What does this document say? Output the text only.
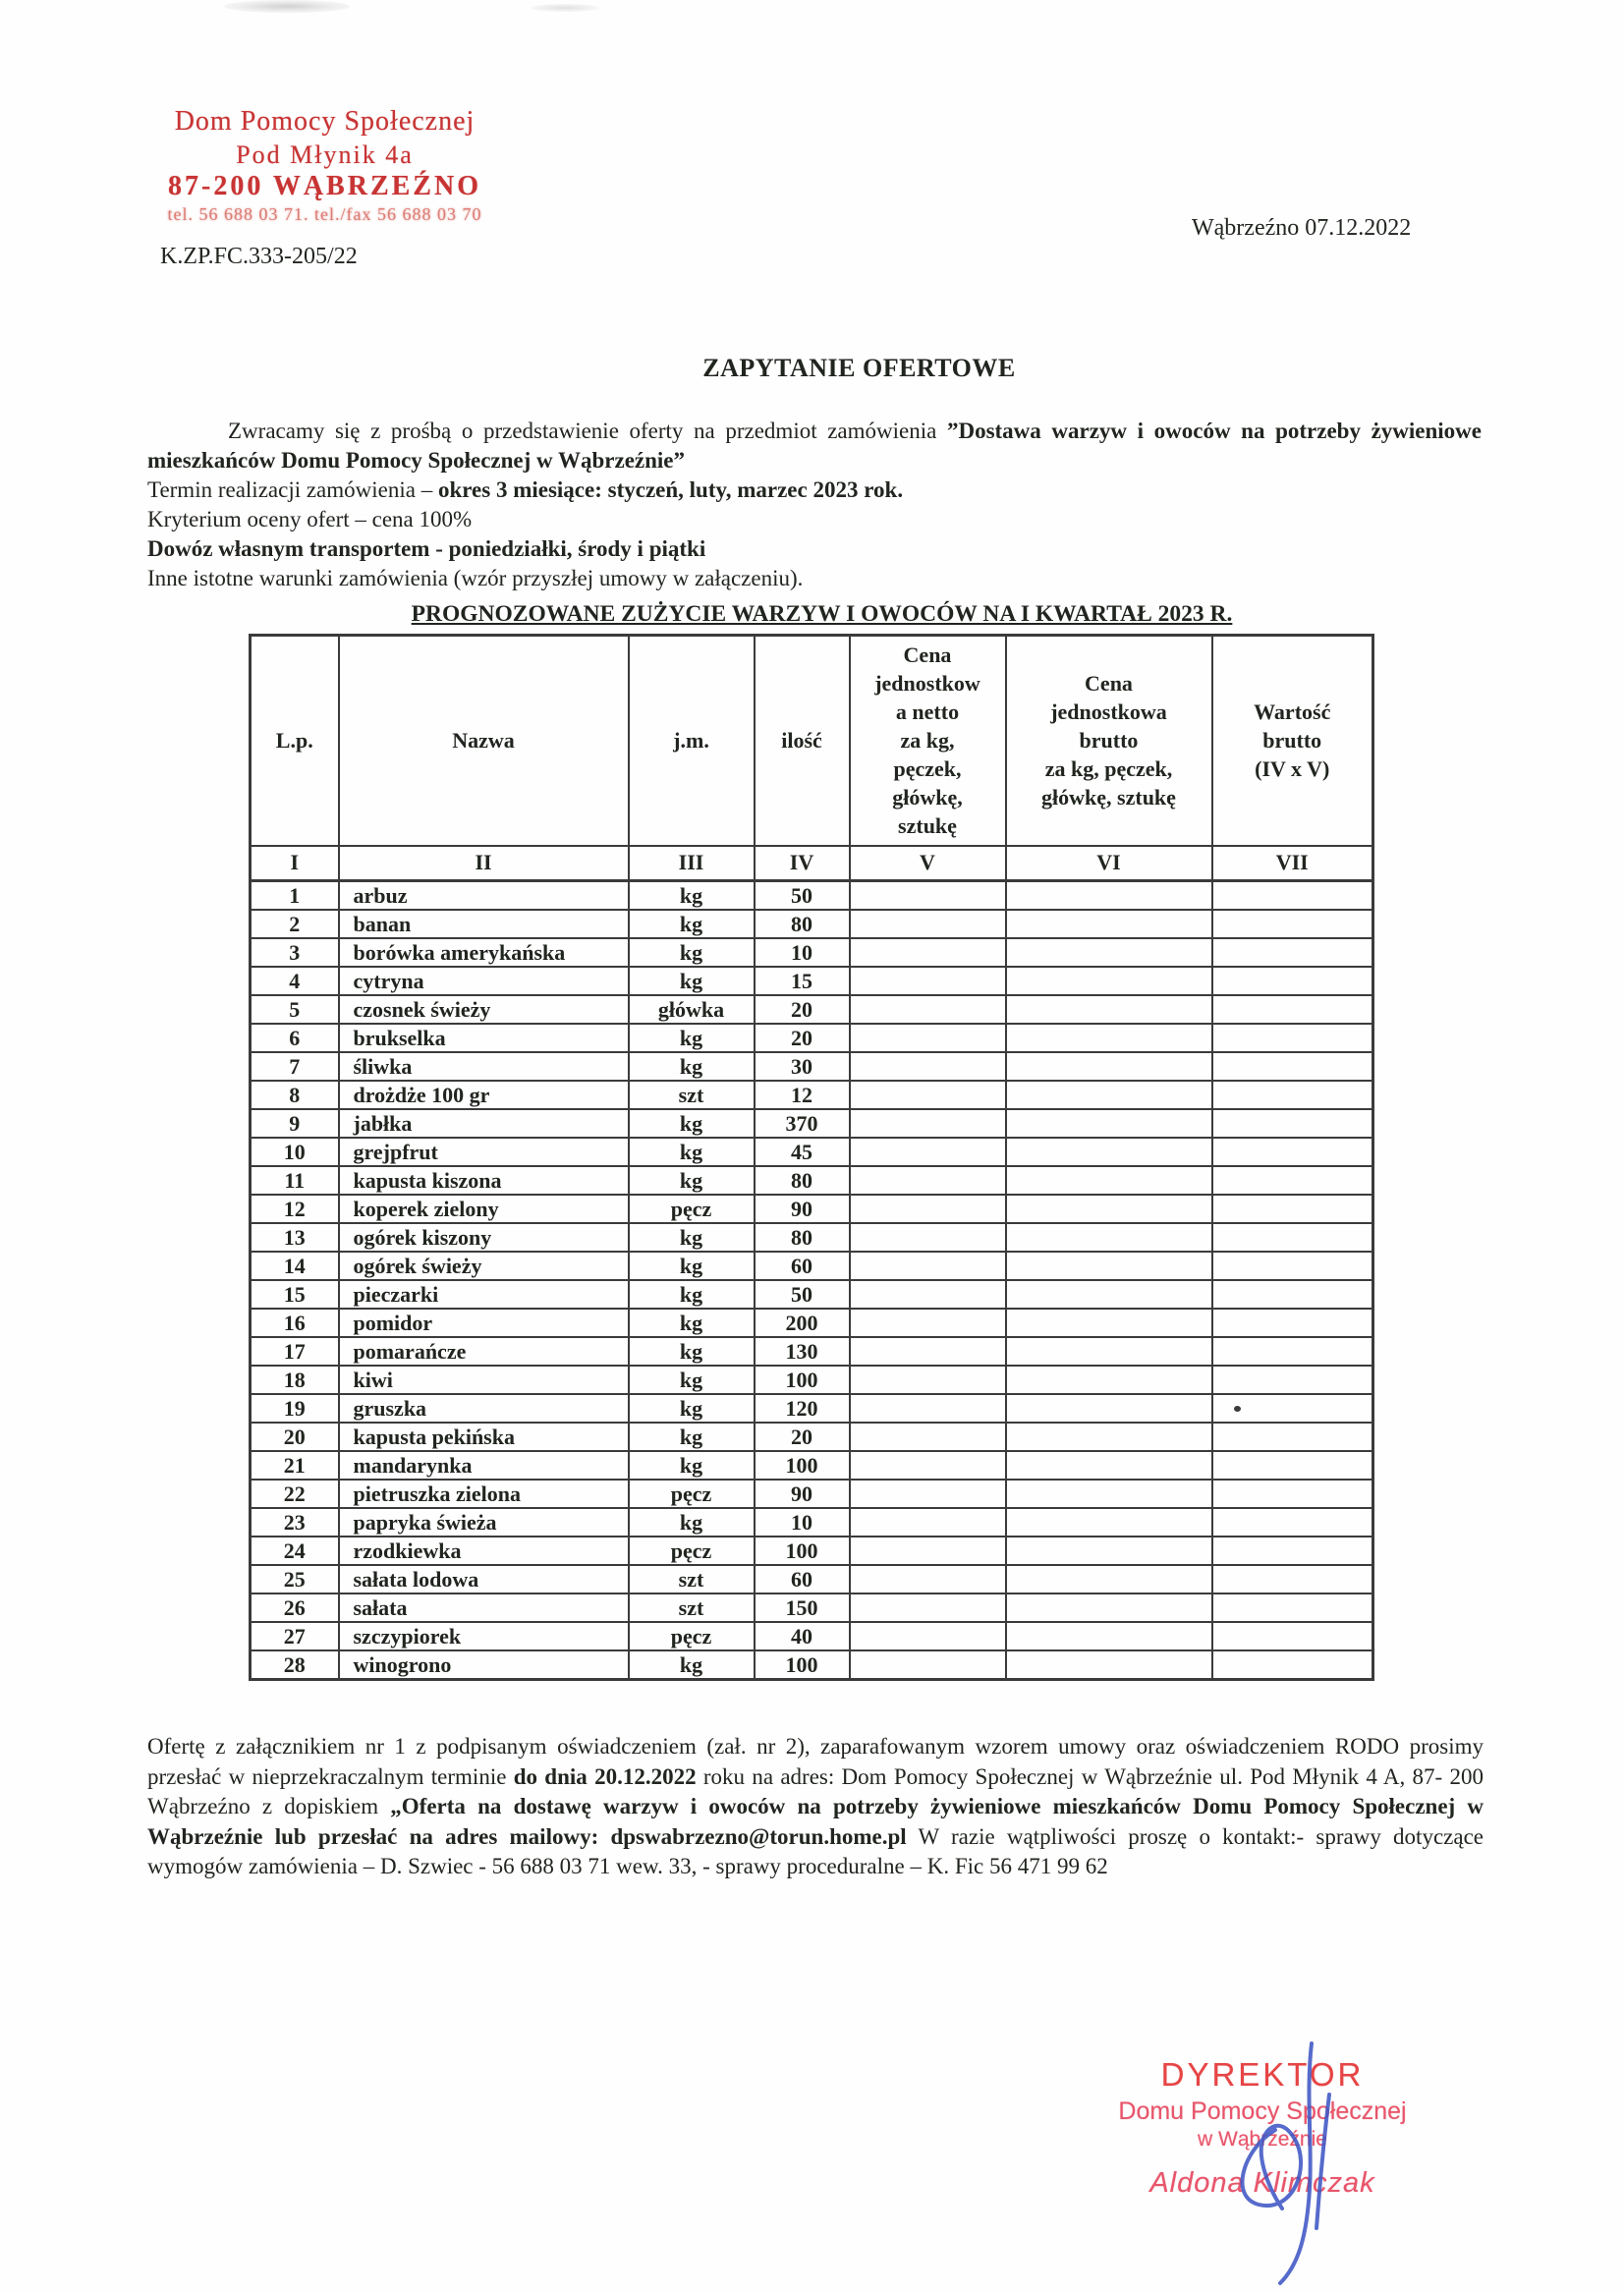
Dom Pomocy Społecznej
Pod Młynik 4a
87-200 WĄBRZEŹNO
tel. 56 688 03 71. tel./fax 56 688 03 70
K.ZP.FC.333-205/22
Wąbrzeźno 07.12.2022
ZAPYTANIE OFERTOWE

Zwracamy się z prośbą o przedstawienie oferty na przedmiot zamówienia ”Dostawa warzyw i owoców na potrzeby żywieniowe mieszkańców Domu Pomocy Społecznej w Wąbrzeźnie”

Termin realizacji zamówienia – okres 3 miesiące: styczeń, luty, marzec 2023 rok.
Kryterium oceny ofert – cena 100%
Dowóz własnym transportem - poniedziałki, środy i piątki
Inne istotne warunki zamówienia (wzór przyszłej umowy w załączeniu).
PROGNOZOWANE ZUŻYCIE WARZYW I OWOCÓW NA I KWARTAŁ 2023 R.
L.p.	Nazwa	j.m.	ilość	Cena
jednostkow
a netto
za kg,
pęczek,
główkę,
sztukę	Cena
jednostkowa
brutto
za kg, pęczek,
główkę, sztukę	Wartość
brutto
(IV x V)
I	II	III	IV	V	VI	VII
1	arbuz	kg	50			
2	banan	kg	80			
3	borówka amerykańska	kg	10			
4	cytryna	kg	15			
5	czosnek świeży	główka	20			
6	brukselka	kg	20			
7	śliwka	kg	30			
8	drożdże 100 gr	szt	12			
9	jabłka	kg	370			
10	grejpfrut	kg	45			
11	kapusta kiszona	kg	80			
12	koperek zielony	pęcz	90			
13	ogórek kiszony	kg	80			
14	ogórek świeży	kg	60			
15	pieczarki	kg	50			
16	pomidor	kg	200			
17	pomarańcze	kg	130			
18	kiwi	kg	100			
19	gruszka	kg	120			
20	kapusta pekińska	kg	20			
21	mandarynka	kg	100			
22	pietruszka zielona	pęcz	90			
23	papryka świeża	kg	10			
24	rzodkiewka	pęcz	100			
25	sałata lodowa	szt	60			
26	sałata	szt	150			
27	szczypiorek	pęcz	40			
28	winogrono	kg	100			
Ofertę z załącznikiem nr 1 z podpisanym oświadczeniem (zał. nr 2), zaparafowanym wzorem umowy oraz oświadczeniem RODO prosimy przesłać w nieprzekraczalnym terminie do dnia 20.12.2022 roku na adres: Dom Pomocy Społecznej w Wąbrzeźnie ul. Pod Młynik 4 A, 87- 200 Wąbrzeźno z dopiskiem „Oferta na dostawę warzyw i owoców na potrzeby żywieniowe mieszkańców Domu Pomocy Społecznej w Wąbrzeźnie lub przesłać na adres mailowy: dpswabrzezno@torun.home.pl W razie wątpliwości proszę o kontakt:- sprawy dotyczące wymogów zamówienia – D. Szwiec - 56 688 03 71 wew. 33, - sprawy proceduralne – K. Fic 56 471 99 62
DYREKTOR
Domu Pomocy Społecznej
w Wąbrzeźnie
Aldona Klimczak
